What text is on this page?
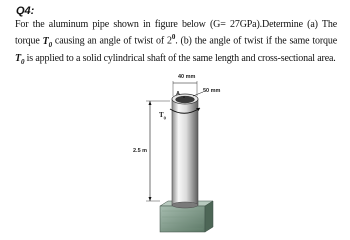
Q4:
For the aluminum pipe shown in figure below (G= 27GPa).Determine (a) The torque $T_0$ causing an angle of twist of $2^0$. (b) the angle of twist if the same torque $T_0$ is applied to a solid cylindrical shaft of the same length and cross-sectional area.
40 mm
50 mm
A
$T_0$
2.5 m
